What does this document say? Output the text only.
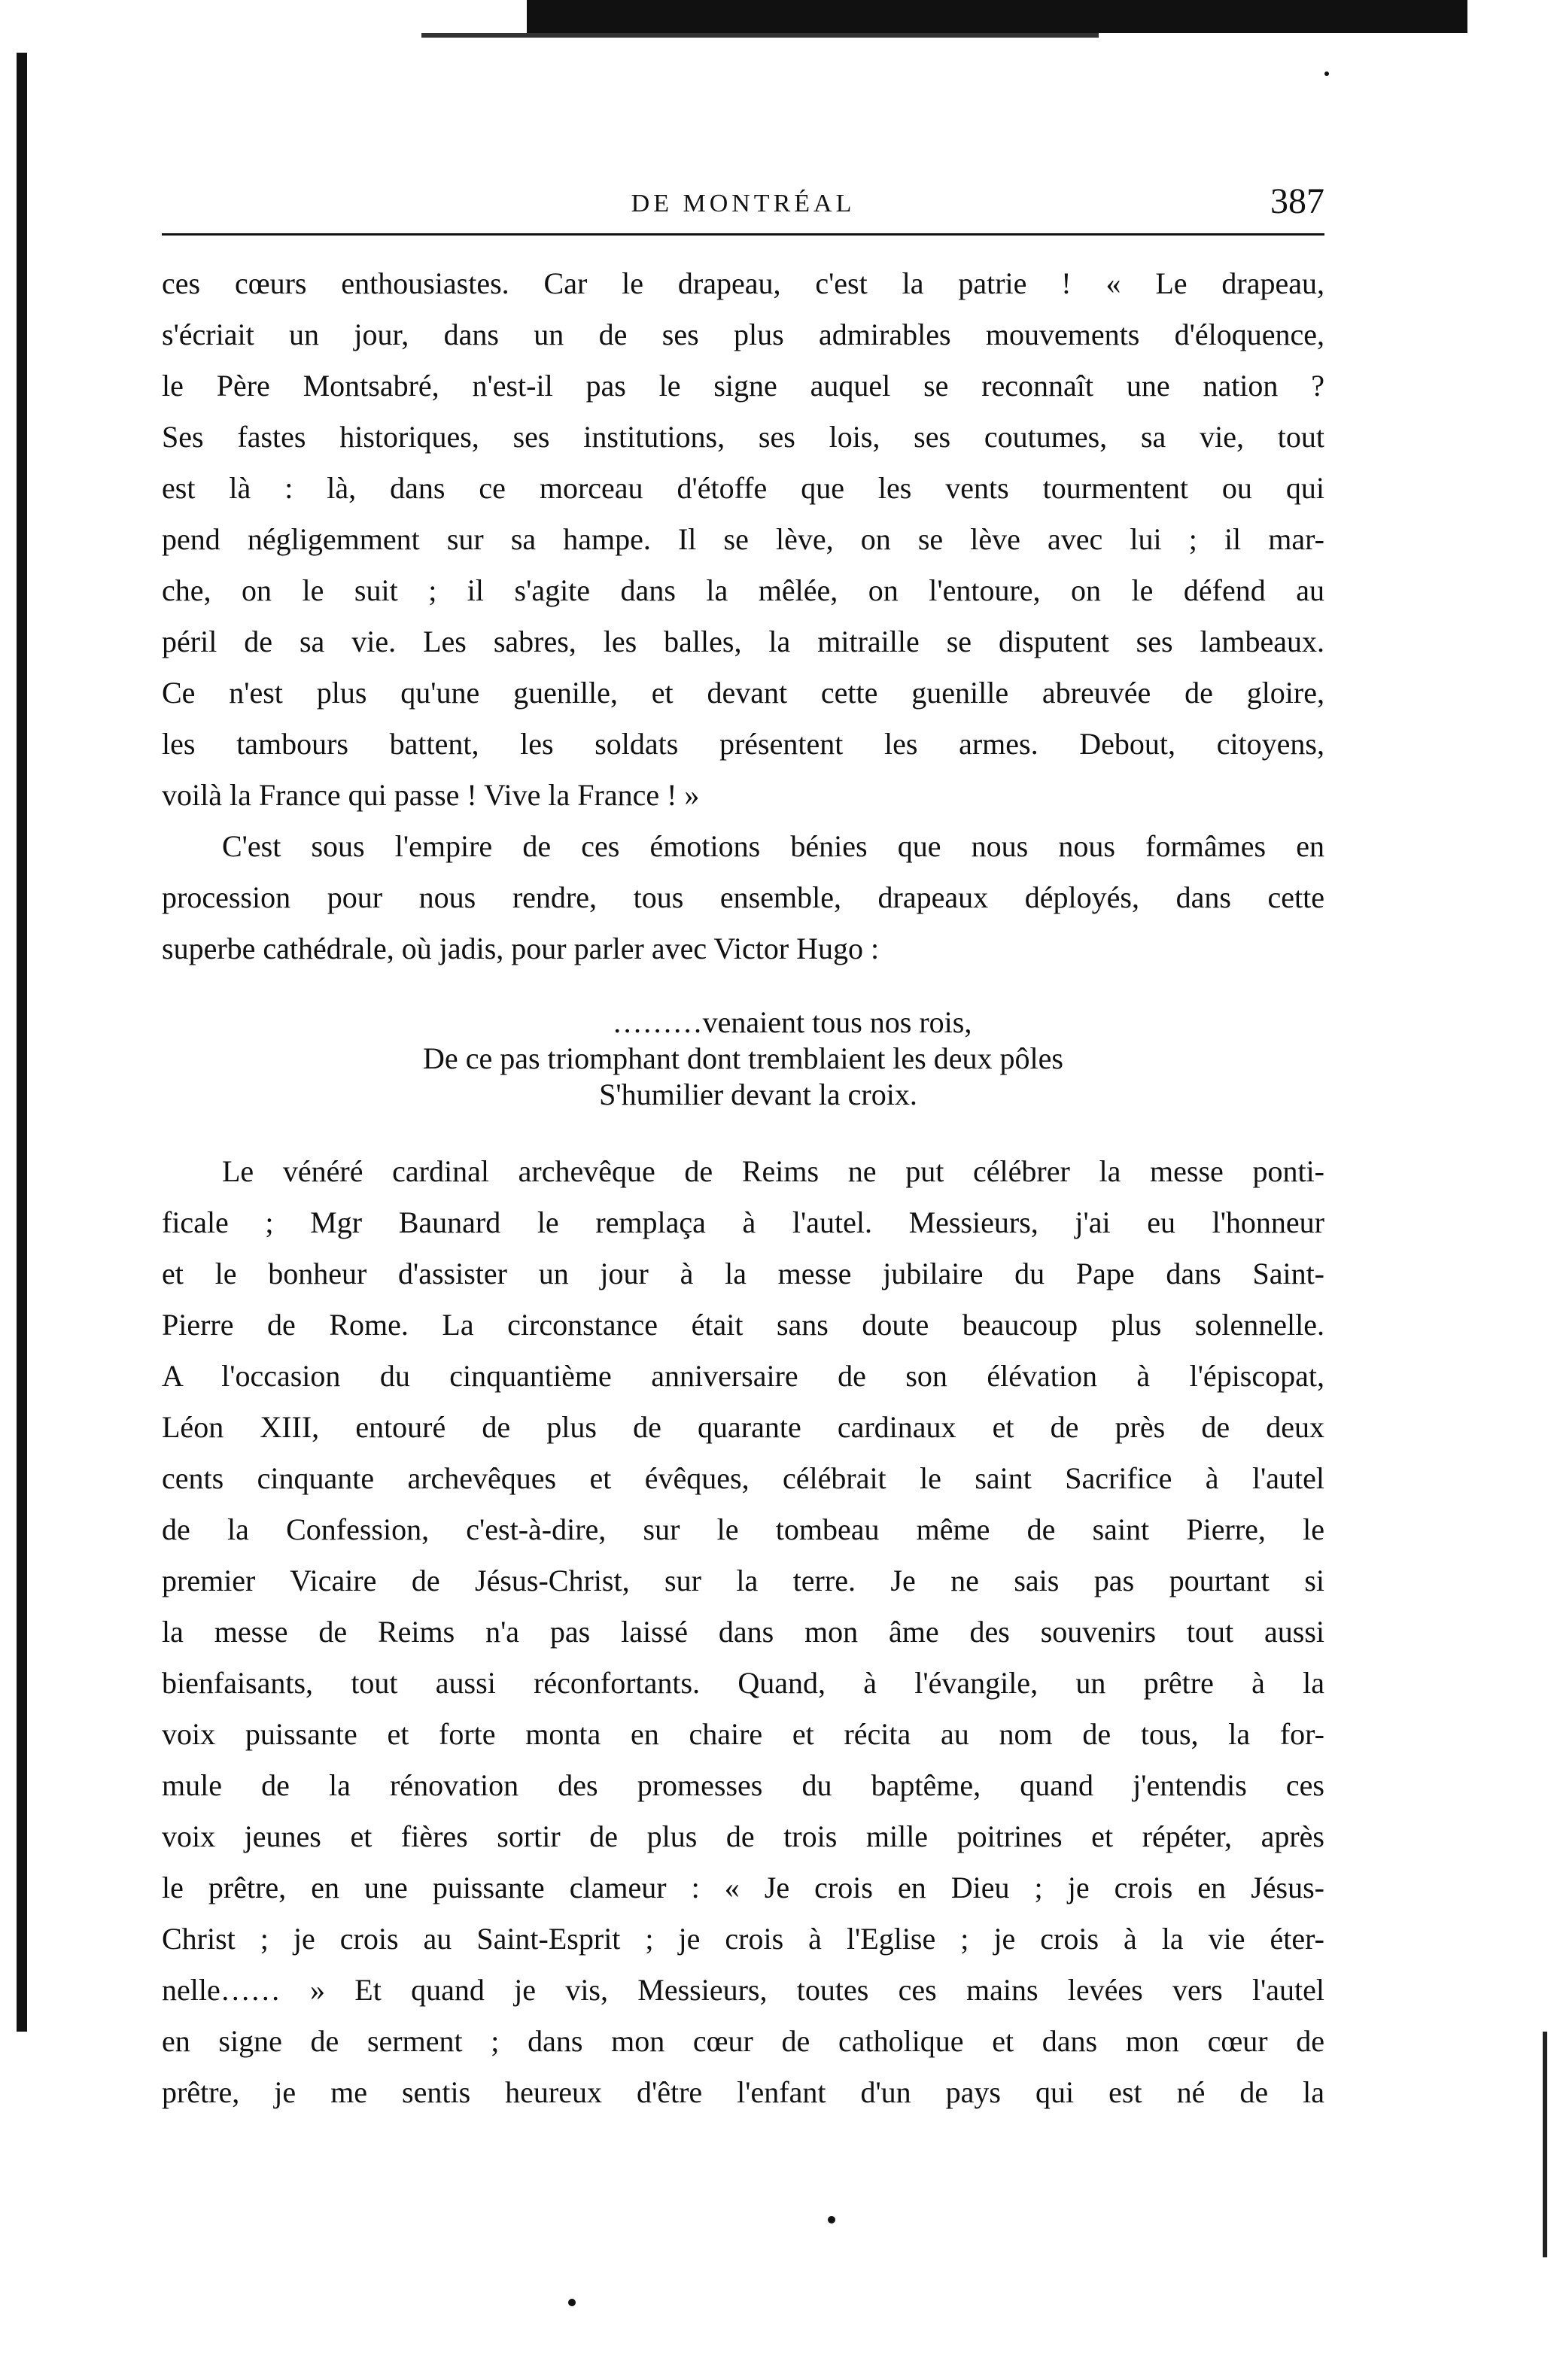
DE MONTRÉAL	387
ces cœurs enthousiastes. Car le drapeau, c'est la patrie ! « Le drapeau,
s'écriait un jour, dans un de ses plus admirables mouvements d'éloquence,
le Père Montsabré, n'est-il pas le signe auquel se reconnaît une nation ?
Ses fastes historiques, ses institutions, ses lois, ses coutumes, sa vie, tout
est là : là, dans ce morceau d'étoffe que les vents tourmentent ou qui
pend négligemment sur sa hampe. Il se lève, on se lève avec lui ; il mar-
che, on le suit ; il s'agite dans la mêlée, on l'entoure, on le défend au
péril de sa vie. Les sabres, les balles, la mitraille se disputent ses lambeaux.
Ce n'est plus qu'une guenille, et devant cette guenille abreuvée de gloire,
les tambours battent, les soldats présentent les armes. Debout, citoyens,
voilà la France qui passe ! Vive la France ! »
C'est sous l'empire de ces émotions bénies que nous nous formâmes en
procession pour nous rendre, tous ensemble, drapeaux déployés, dans cette
superbe cathédrale, où jadis, pour parler avec Victor Hugo :
………venaient tous nos rois,
De ce pas triomphant dont tremblaient les deux pôles
S'humilier devant la croix.
Le vénéré cardinal archevêque de Reims ne put célébrer la messe ponti-
ficale ; Mgr Baunard le remplaça à l'autel. Messieurs, j'ai eu l'honneur
et le bonheur d'assister un jour à la messe jubilaire du Pape dans Saint-
Pierre de Rome. La circonstance était sans doute beaucoup plus solennelle.
A l'occasion du cinquantième anniversaire de son élévation à l'épiscopat,
Léon XIII, entouré de plus de quarante cardinaux et de près de deux
cents cinquante archevêques et évêques, célébrait le saint Sacrifice à l'autel
de la Confession, c'est-à-dire, sur le tombeau même de saint Pierre, le
premier Vicaire de Jésus-Christ, sur la terre. Je ne sais pas pourtant si
la messe de Reims n'a pas laissé dans mon âme des souvenirs tout aussi
bienfaisants, tout aussi réconfortants. Quand, à l'évangile, un prêtre à la
voix puissante et forte monta en chaire et récita au nom de tous, la for-
mule de la rénovation des promesses du baptême, quand j'entendis ces
voix jeunes et fières sortir de plus de trois mille poitrines et répéter, après
le prêtre, en une puissante clameur : « Je crois en Dieu ; je crois en Jésus-
Christ ; je crois au Saint-Esprit ; je crois à l'Eglise ; je crois à la vie éter-
nelle…… » Et quand je vis, Messieurs, toutes ces mains levées vers l'autel
en signe de serment ; dans mon cœur de catholique et dans mon cœur de
prêtre, je me sentis heureux d'être l'enfant d'un pays qui est né de la
